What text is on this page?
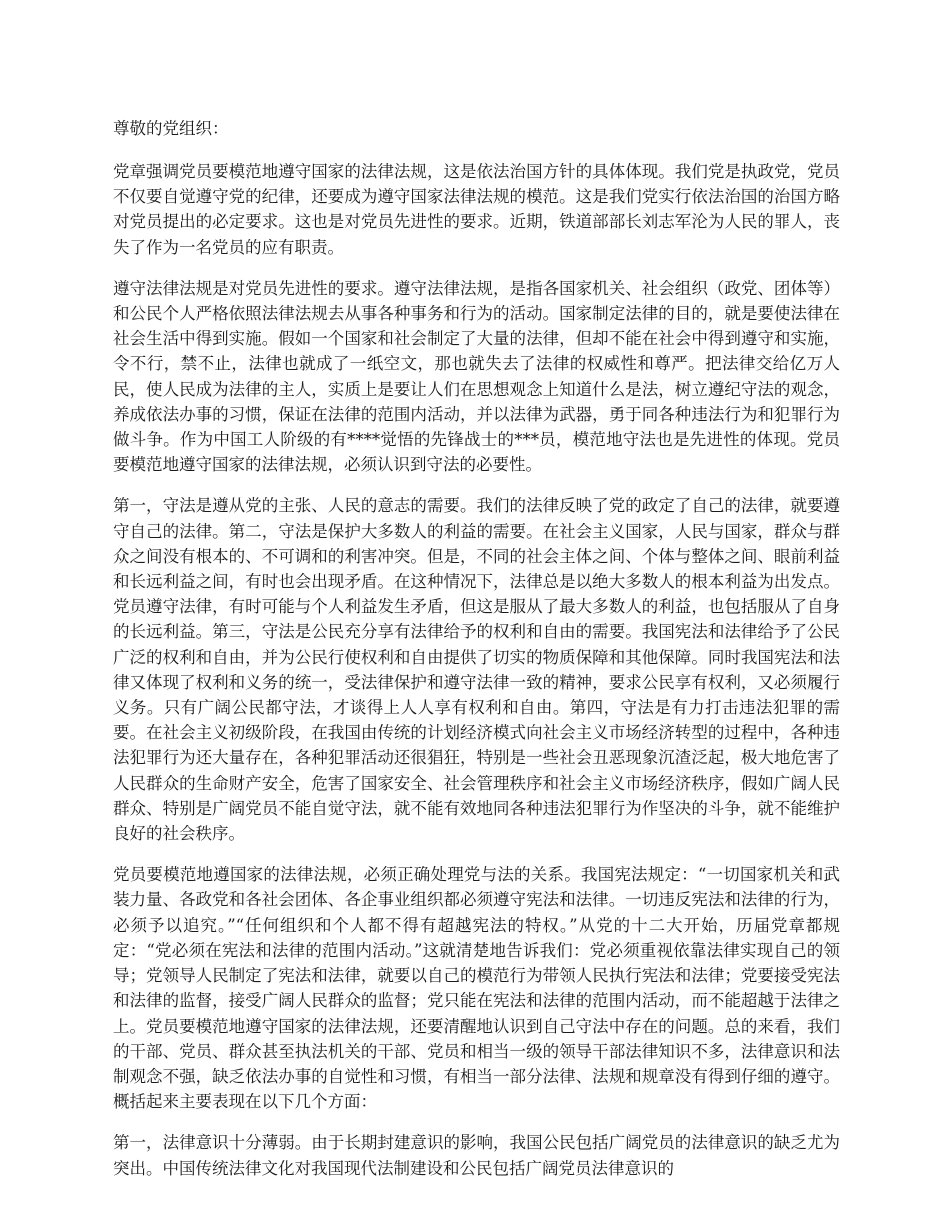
尊敬的党组织：

党章强调党员要模范地遵守国家的法律法规，这是依法治国方针的具体体现。我们党是执政党，党员不仅要自觉遵守党的纪律，还要成为遵守国家法律法规的模范。这是我们党实行依法治国的治国方略对党员提出的必定要求。这也是对党员先进性的要求。近期，铁道部部长刘志军沦为人民的罪人，丧失了作为一名党员的应有职责。

遵守法律法规是对党员先进性的要求。遵守法律法规，是指各国家机关、社会组织（政党、团体等）和公民个人严格依照法律法规去从事各种事务和行为的活动。国家制定法律的目的，就是要使法律在社会生活中得到实施。假如一个国家和社会制定了大量的法律，但却不能在社会中得到遵守和实施，令不行，禁不止，法律也就成了一纸空文，那也就失去了法律的权威性和尊严。把法律交给亿万人民，使人民成为法律的主人，实质上是要让人们在思想观念上知道什么是法，树立遵纪守法的观念，养成依法办事的习惯，保证在法律的范围内活动，并以法律为武器，勇于同各种违法行为和犯罪行为做斗争。作为中国工人阶级的有****觉悟的先锋战士的***员，模范地守法也是先进性的体现。党员要模范地遵守国家的法律法规，必须认识到守法的必要性。

第一，守法是遵从党的主张、人民的意志的需要。我们的法律反映了党的政定了自己的法律，就要遵守自己的法律。第二，守法是保护大多数人的利益的需要。在社会主义国家，人民与国家，群众与群众之间没有根本的、不可调和的利害冲突。但是，不同的社会主体之间、个体与整体之间、眼前利益和长远利益之间，有时也会出现矛盾。在这种情况下，法律总是以绝大多数人的根本利益为出发点。党员遵守法律，有时可能与个人利益发生矛盾，但这是服从了最大多数人的利益，也包括服从了自身的长远利益。第三，守法是公民充分享有法律给予的权利和自由的需要。我国宪法和法律给予了公民广泛的权利和自由，并为公民行使权利和自由提供了切实的物质保障和其他保障。同时我国宪法和法律又体现了权利和义务的统一，受法律保护和遵守法律一致的精神，要求公民享有权利，又必须履行义务。只有广阔公民都守法，才谈得上人人享有权利和自由。第四，守法是有力打击违法犯罪的需要。在社会主义初级阶段，在我国由传统的计划经济模式向社会主义市场经济转型的过程中，各种违法犯罪行为还大量存在，各种犯罪活动还很猖狂，特别是一些社会丑恶现象沉渣泛起，极大地危害了人民群众的生命财产安全，危害了国家安全、社会管理秩序和社会主义市场经济秩序，假如广阔人民群众、特别是广阔党员不能自觉守法，就不能有效地同各种违法犯罪行为作坚决的斗争，就不能维护良好的社会秩序。

党员要模范地遵国家的法律法规，必须正确处理党与法的关系。我国宪法规定：“一切国家机关和武装力量、各政党和各社会团体、各企事业组织都必须遵守宪法和法律。一切违反宪法和法律的行为，必须予以追究。”“任何组织和个人都不得有超越宪法的特权。”从党的十二大开始，历届党章都规定：“党必须在宪法和法律的范围内活动。”这就清楚地告诉我们：党必须重视依靠法律实现自己的领导；党领导人民制定了宪法和法律，就要以自己的模范行为带领人民执行宪法和法律；党要接受宪法和法律的监督，接受广阔人民群众的监督；党只能在宪法和法律的范围内活动，而不能超越于法律之上。党员要模范地遵守国家的法律法规，还要清醒地认识到自己守法中存在的问题。总的来看，我们的干部、党员、群众甚至执法机关的干部、党员和相当一级的领导干部法律知识不多，法律意识和法制观念不强，缺乏依法办事的自觉性和习惯，有相当一部分法律、法规和规章没有得到仔细的遵守。概括起来主要表现在以下几个方面：

第一，法律意识十分薄弱。由于长期封建意识的影响，我国公民包括广阔党员的法律意识的缺乏尤为突出。中国传统法律文化对我国现代法制建设和公民包括广阔党员法律意识的
